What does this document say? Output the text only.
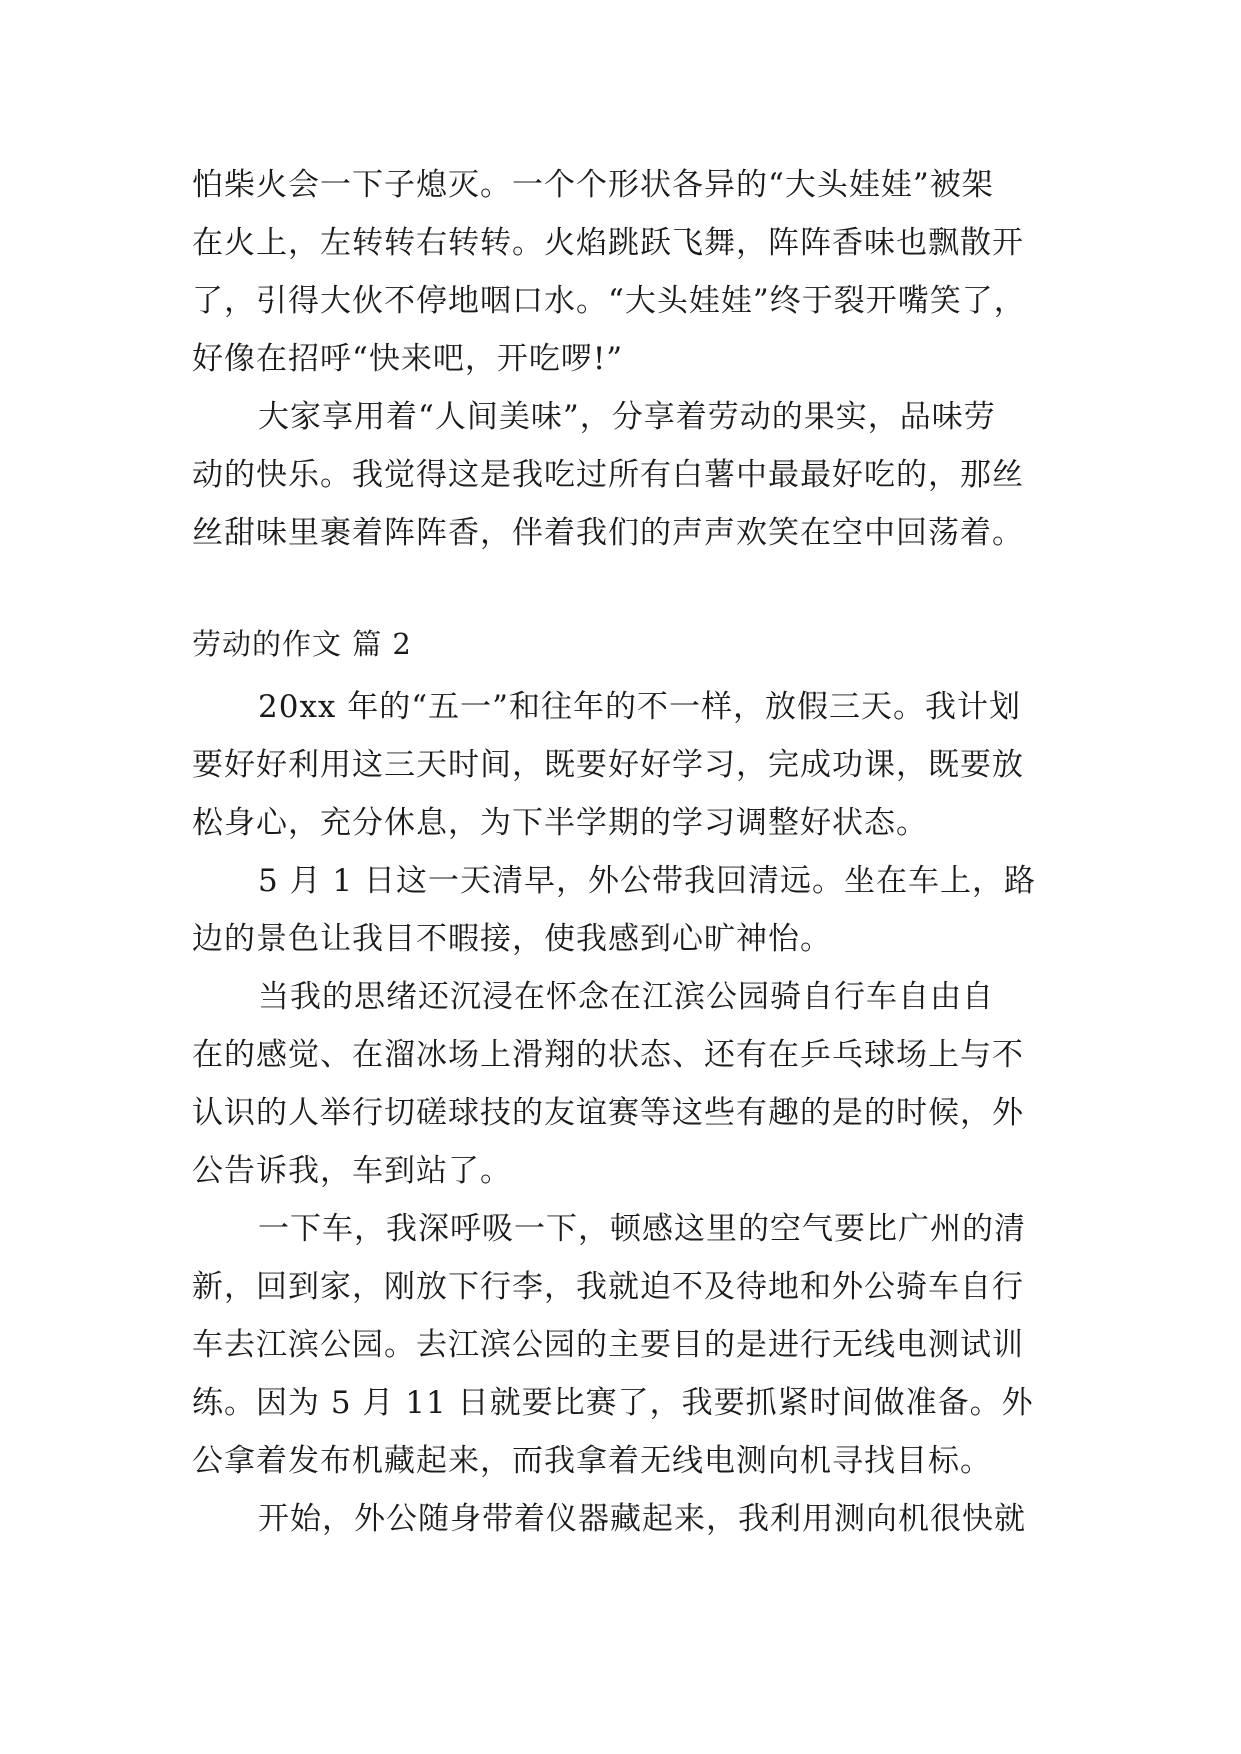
怕柴火会一下子熄灭。一个个形状各异的“大头娃娃”被架
在火上，左转转右转转。火焰跳跃飞舞，阵阵香味也飘散开
了，引得大伙不停地咽口水。“大头娃娃”终于裂开嘴笑了，
好像在招呼“快来吧，开吃啰!”
大家享用着“人间美味”，分享着劳动的果实，品味劳
动的快乐。我觉得这是我吃过所有白薯中最最好吃的，那丝
丝甜味里裹着阵阵香，伴着我们的声声欢笑在空中回荡着。
劳动的作文 篇 2
20xx 年的“五一”和往年的不一样，放假三天。我计划
要好好利用这三天时间，既要好好学习，完成功课，既要放
松身心，充分休息，为下半学期的学习调整好状态。
5 月 1 日这一天清早，外公带我回清远。坐在车上，路
边的景色让我目不暇接，使我感到心旷神怡。
当我的思绪还沉浸在怀念在江滨公园骑自行车自由自
在的感觉、在溜冰场上滑翔的状态、还有在乒乓球场上与不
认识的人举行切磋球技的友谊赛等这些有趣的是的时候，外
公告诉我，车到站了。
一下车，我深呼吸一下，顿感这里的空气要比广州的清
新，回到家，刚放下行李，我就迫不及待地和外公骑车自行
车去江滨公园。去江滨公园的主要目的是进行无线电测试训
练。因为 5 月 11 日就要比赛了，我要抓紧时间做准备。外
公拿着发布机藏起来，而我拿着无线电测向机寻找目标。
开始，外公随身带着仪器藏起来，我利用测向机很快就
